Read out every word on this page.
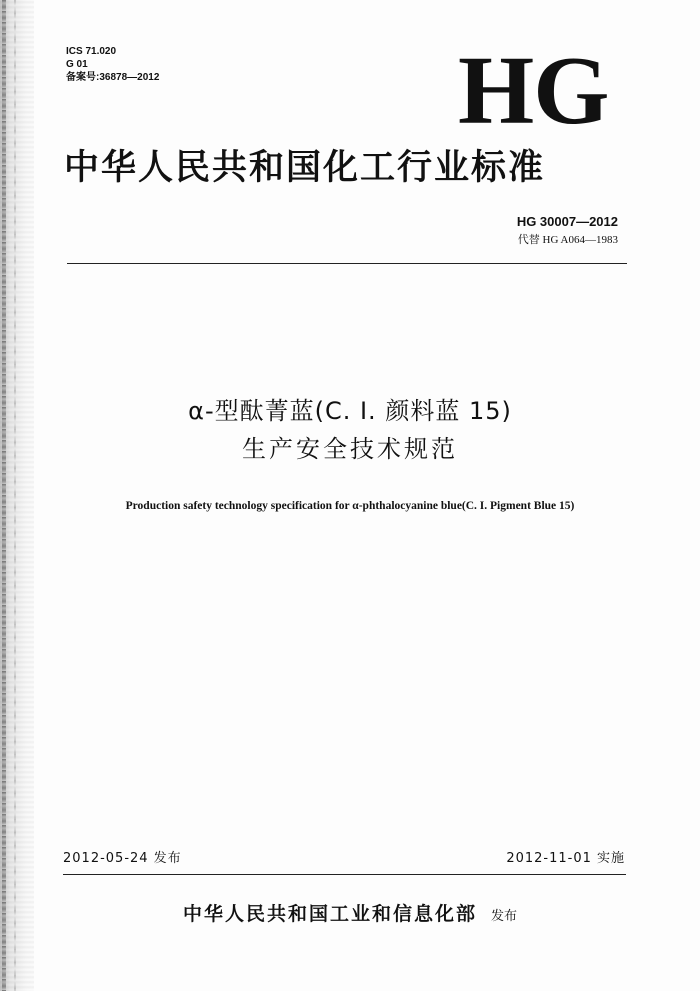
ICS 71.020
G 01
备案号:36878—2012	HG
中华人民共和国化工行业标准
HG 30007—2012
代替 HG A064—1983
α-型酞菁蓝(C. I. 颜料蓝 15)
生产安全技术规范
Production safety technology specification for α-phthalocyanine blue(C. I. Pigment Blue 15)
2012-05-24 发布	2012-11-01 实施
中华人民共和国工业和信息化部 发布
